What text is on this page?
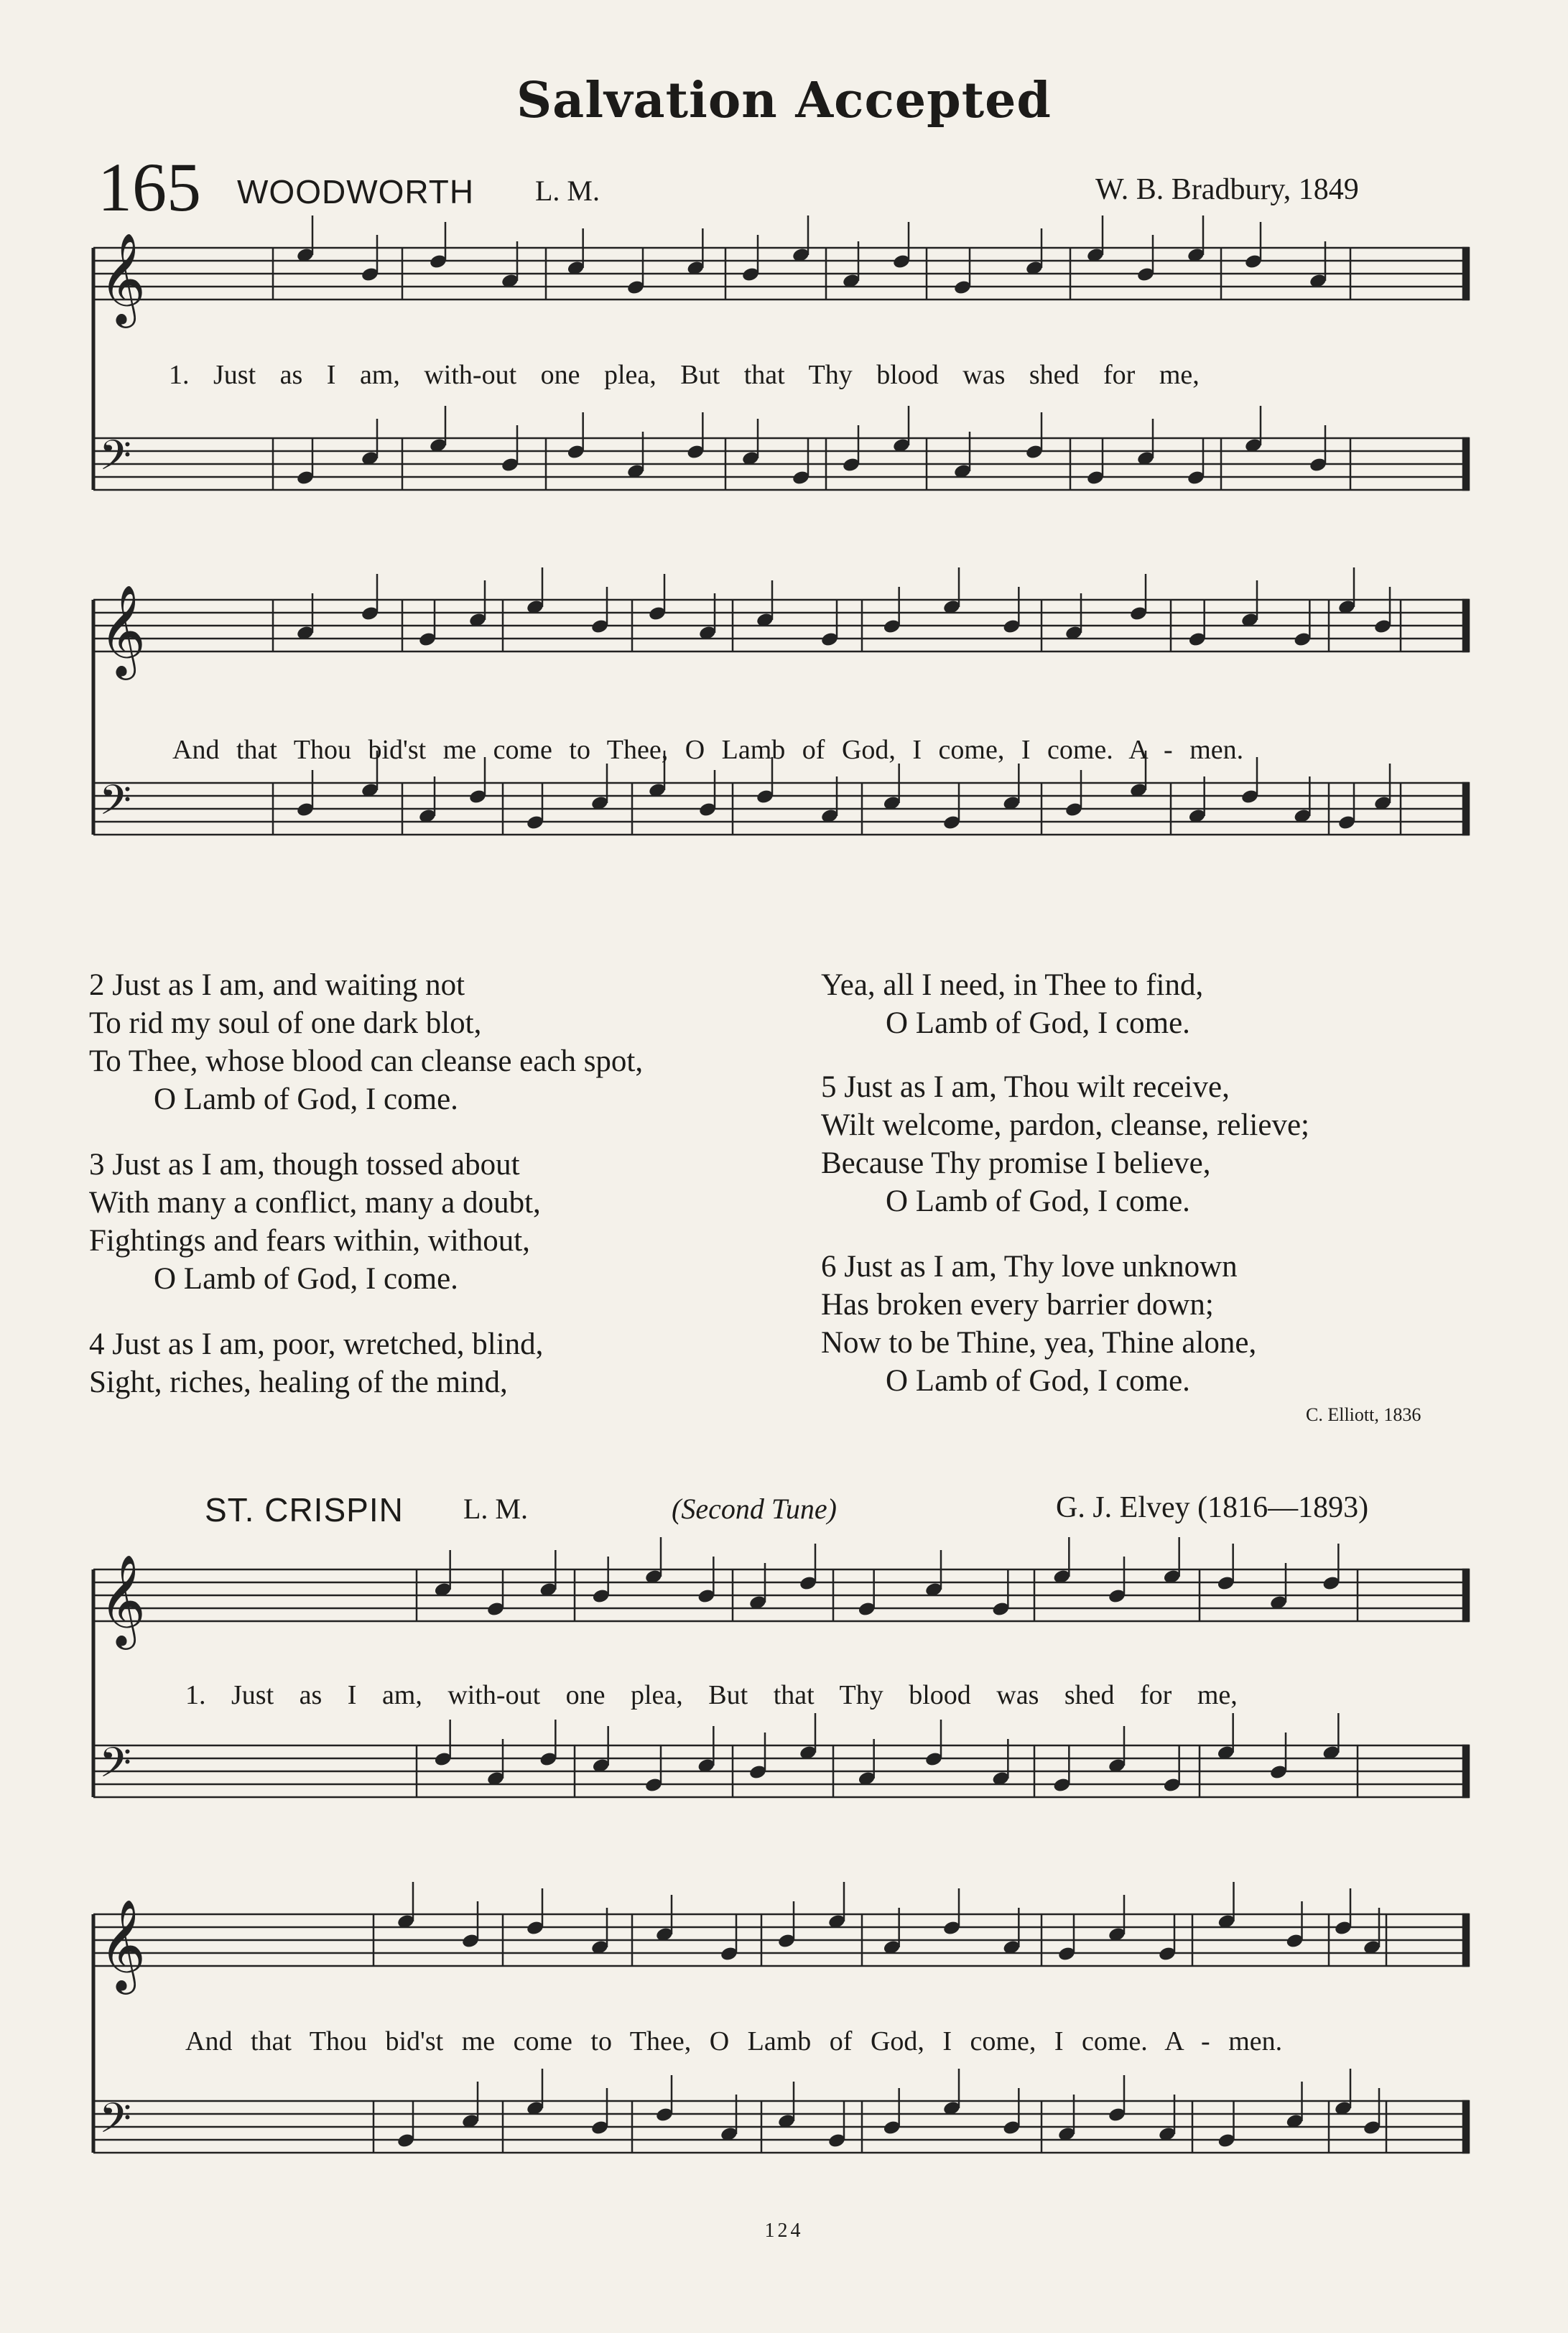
Salvation Accepted
165 WOODWORTH L. M.	W. B. Bradbury, 1849
𝄞
𝄢
𝄞
𝄢
𝄞
𝄢
𝄞
𝄢
1. Just as I am, with-out one plea, But that Thy blood was shed for me,
And that Thou bid'st me come to Thee, O Lamb of God, I come, I come. A - men.
2 Just as I am, and waiting not
To rid my soul of one dark blot,
To Thee, whose blood can cleanse each spot,
O Lamb of God, I come.
3 Just as I am, though tossed about
With many a conflict, many a doubt,
Fightings and fears within, without,
O Lamb of God, I come.
4 Just as I am, poor, wretched, blind,
Sight, riches, healing of the mind,
Yea, all I need, in Thee to find,
O Lamb of God, I come.
5 Just as I am, Thou wilt receive,
Wilt welcome, pardon, cleanse, relieve;
Because Thy promise I believe,
O Lamb of God, I come.
6 Just as I am, Thy love unknown
Has broken every barrier down;
Now to be Thine, yea, Thine alone,
O Lamb of God, I come.
C. Elliott, 1836
ST. CRISPIN L. M.	(Second Tune)	G. J. Elvey (1816—1893)
1. Just as I am, with-out one plea, But that Thy blood was shed for me,
And that Thou bid'st me come to Thee, O Lamb of God, I come, I come. A - men.
124
